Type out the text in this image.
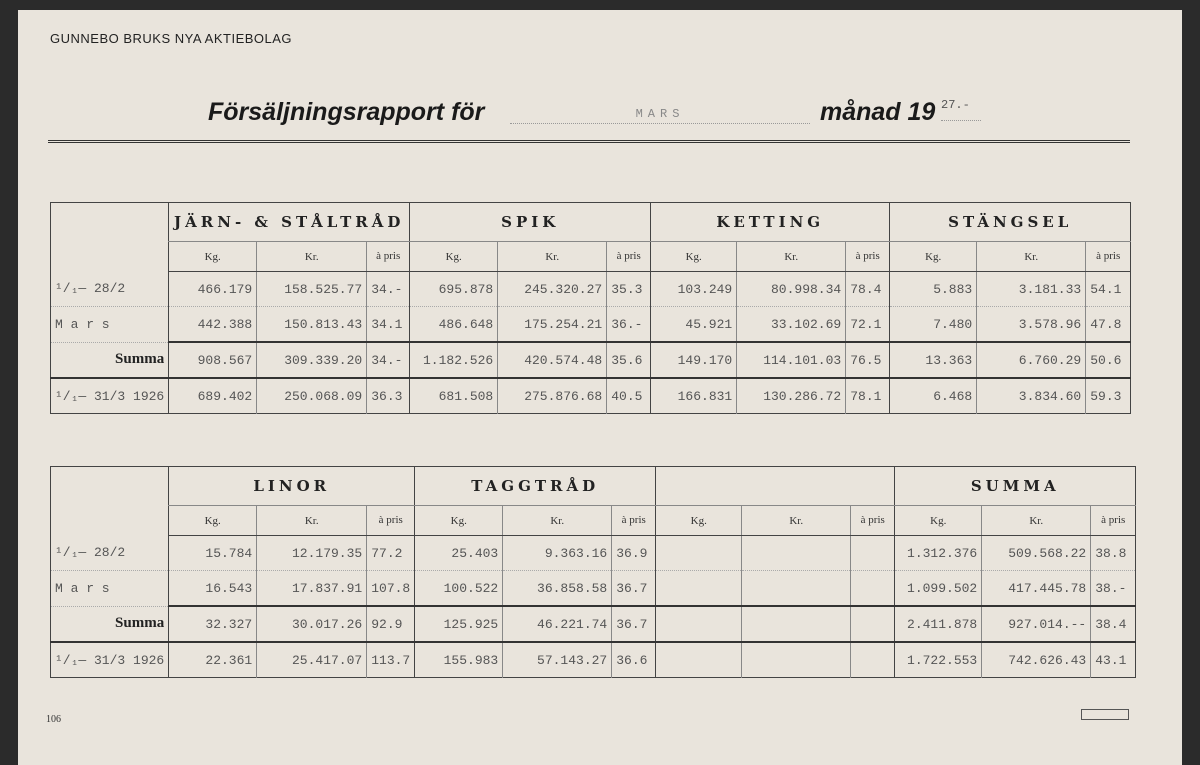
GUNNEBO BRUKS NYA AKTIEBOLAG
Försäljningsrapport för	MARS	månad 19 27.-
	JÄRN- & STÅLTRÅD			SPIK			KETTING			STÄNGSEL		
	Kg.	Kr.	à pris	Kg.	Kr.	à pris	Kg.	Kr.	à pris	Kg.	Kr.	à pris
¹/₁— 28/2	466.179	158.525.77	34.-	695.878	245.320.27	35.3	103.249	80.998.34	78.4	5.883	3.181.33	54.1
M a r s	442.388	150.813.43	34.1	486.648	175.254.21	36.-	45.921	33.102.69	72.1	7.480	3.578.96	47.8
Summa	908.567	309.339.20	34.-	1.182.526	420.574.48	35.6	149.170	114.101.03	76.5	13.363	6.760.29	50.6
¹/₁— 31/3 1926	689.402	250.068.09	36.3	681.508	275.876.68	40.5	166.831	130.286.72	78.1	6.468	3.834.60	59.3
	LINOR			TAGGTRÅD						SUMMA		
	Kg.	Kr.	à pris	Kg.	Kr.	à pris	Kg.	Kr.	à pris	Kg.	Kr.	à pris
¹/₁— 28/2	15.784	12.179.35	77.2	25.403	9.363.16	36.9				1.312.376	509.568.22	38.8
M a r s	16.543	17.837.91	107.8	100.522	36.858.58	36.7				1.099.502	417.445.78	38.-
Summa	32.327	30.017.26	92.9	125.925	46.221.74	36.7				2.411.878	927.014.--	38.4
¹/₁— 31/3 1926	22.361	25.417.07	113.7	155.983	57.143.27	36.6				1.722.553	742.626.43	43.1
106
